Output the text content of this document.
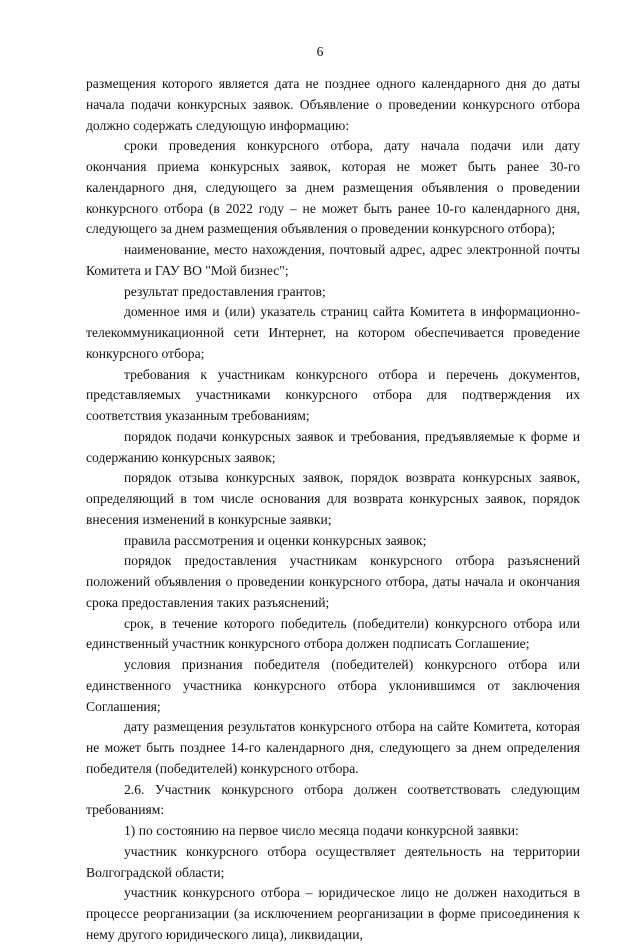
6

размещения которого является дата не позднее одного календарного дня до даты начала подачи конкурсных заявок. Объявление о проведении конкурсного отбора должно содержать следующую информацию:

сроки проведения конкурсного отбора, дату начала подачи или дату окончания приема конкурсных заявок, которая не может быть ранее 30-го календарного дня, следующего за днем размещения объявления о проведении конкурсного отбора (в 2022 году – не может быть ранее 10-го календарного дня, следующего за днем размещения объявления о проведении конкурсного отбора);

наименование, место нахождения, почтовый адрес, адрес электронной почты Комитета и ГАУ ВО "Мой бизнес";

результат предоставления грантов;

доменное имя и (или) указатель страниц сайта Комитета в информационно-телекоммуникационной сети Интернет, на котором обеспечивается проведение конкурсного отбора;

требования к участникам конкурсного отбора и перечень документов, представляемых участниками конкурсного отбора для подтверждения их соответствия указанным требованиям;

порядок подачи конкурсных заявок и требования, предъявляемые к форме и содержанию конкурсных заявок;

порядок отзыва конкурсных заявок, порядок возврата конкурсных заявок, определяющий в том числе основания для возврата конкурсных заявок, порядок внесения изменений в конкурсные заявки;

правила рассмотрения и оценки конкурсных заявок;

порядок предоставления участникам конкурсного отбора разъяснений положений объявления о проведении конкурсного отбора, даты начала и окончания срока предоставления таких разъяснений;

срок, в течение которого победитель (победители) конкурсного отбора или единственный участник конкурсного отбора должен подписать Соглашение;

условия признания победителя (победителей) конкурсного отбора или единственного участника конкурсного отбора уклонившимся от заключения Соглашения;

дату размещения результатов конкурсного отбора на сайте Комитета, которая не может быть позднее 14-го календарного дня, следующего за днем определения победителя (победителей) конкурсного отбора.

2.6. Участник конкурсного отбора должен соответствовать следующим требованиям:

1) по состоянию на первое число месяца подачи конкурсной заявки:

участник конкурсного отбора осуществляет деятельность на территории Волгоградской области;

участник конкурсного отбора – юридическое лицо не должен находиться в процессе реорганизации (за исключением реорганизации в форме присоединения к нему другого юридического лица), ликвидации,
